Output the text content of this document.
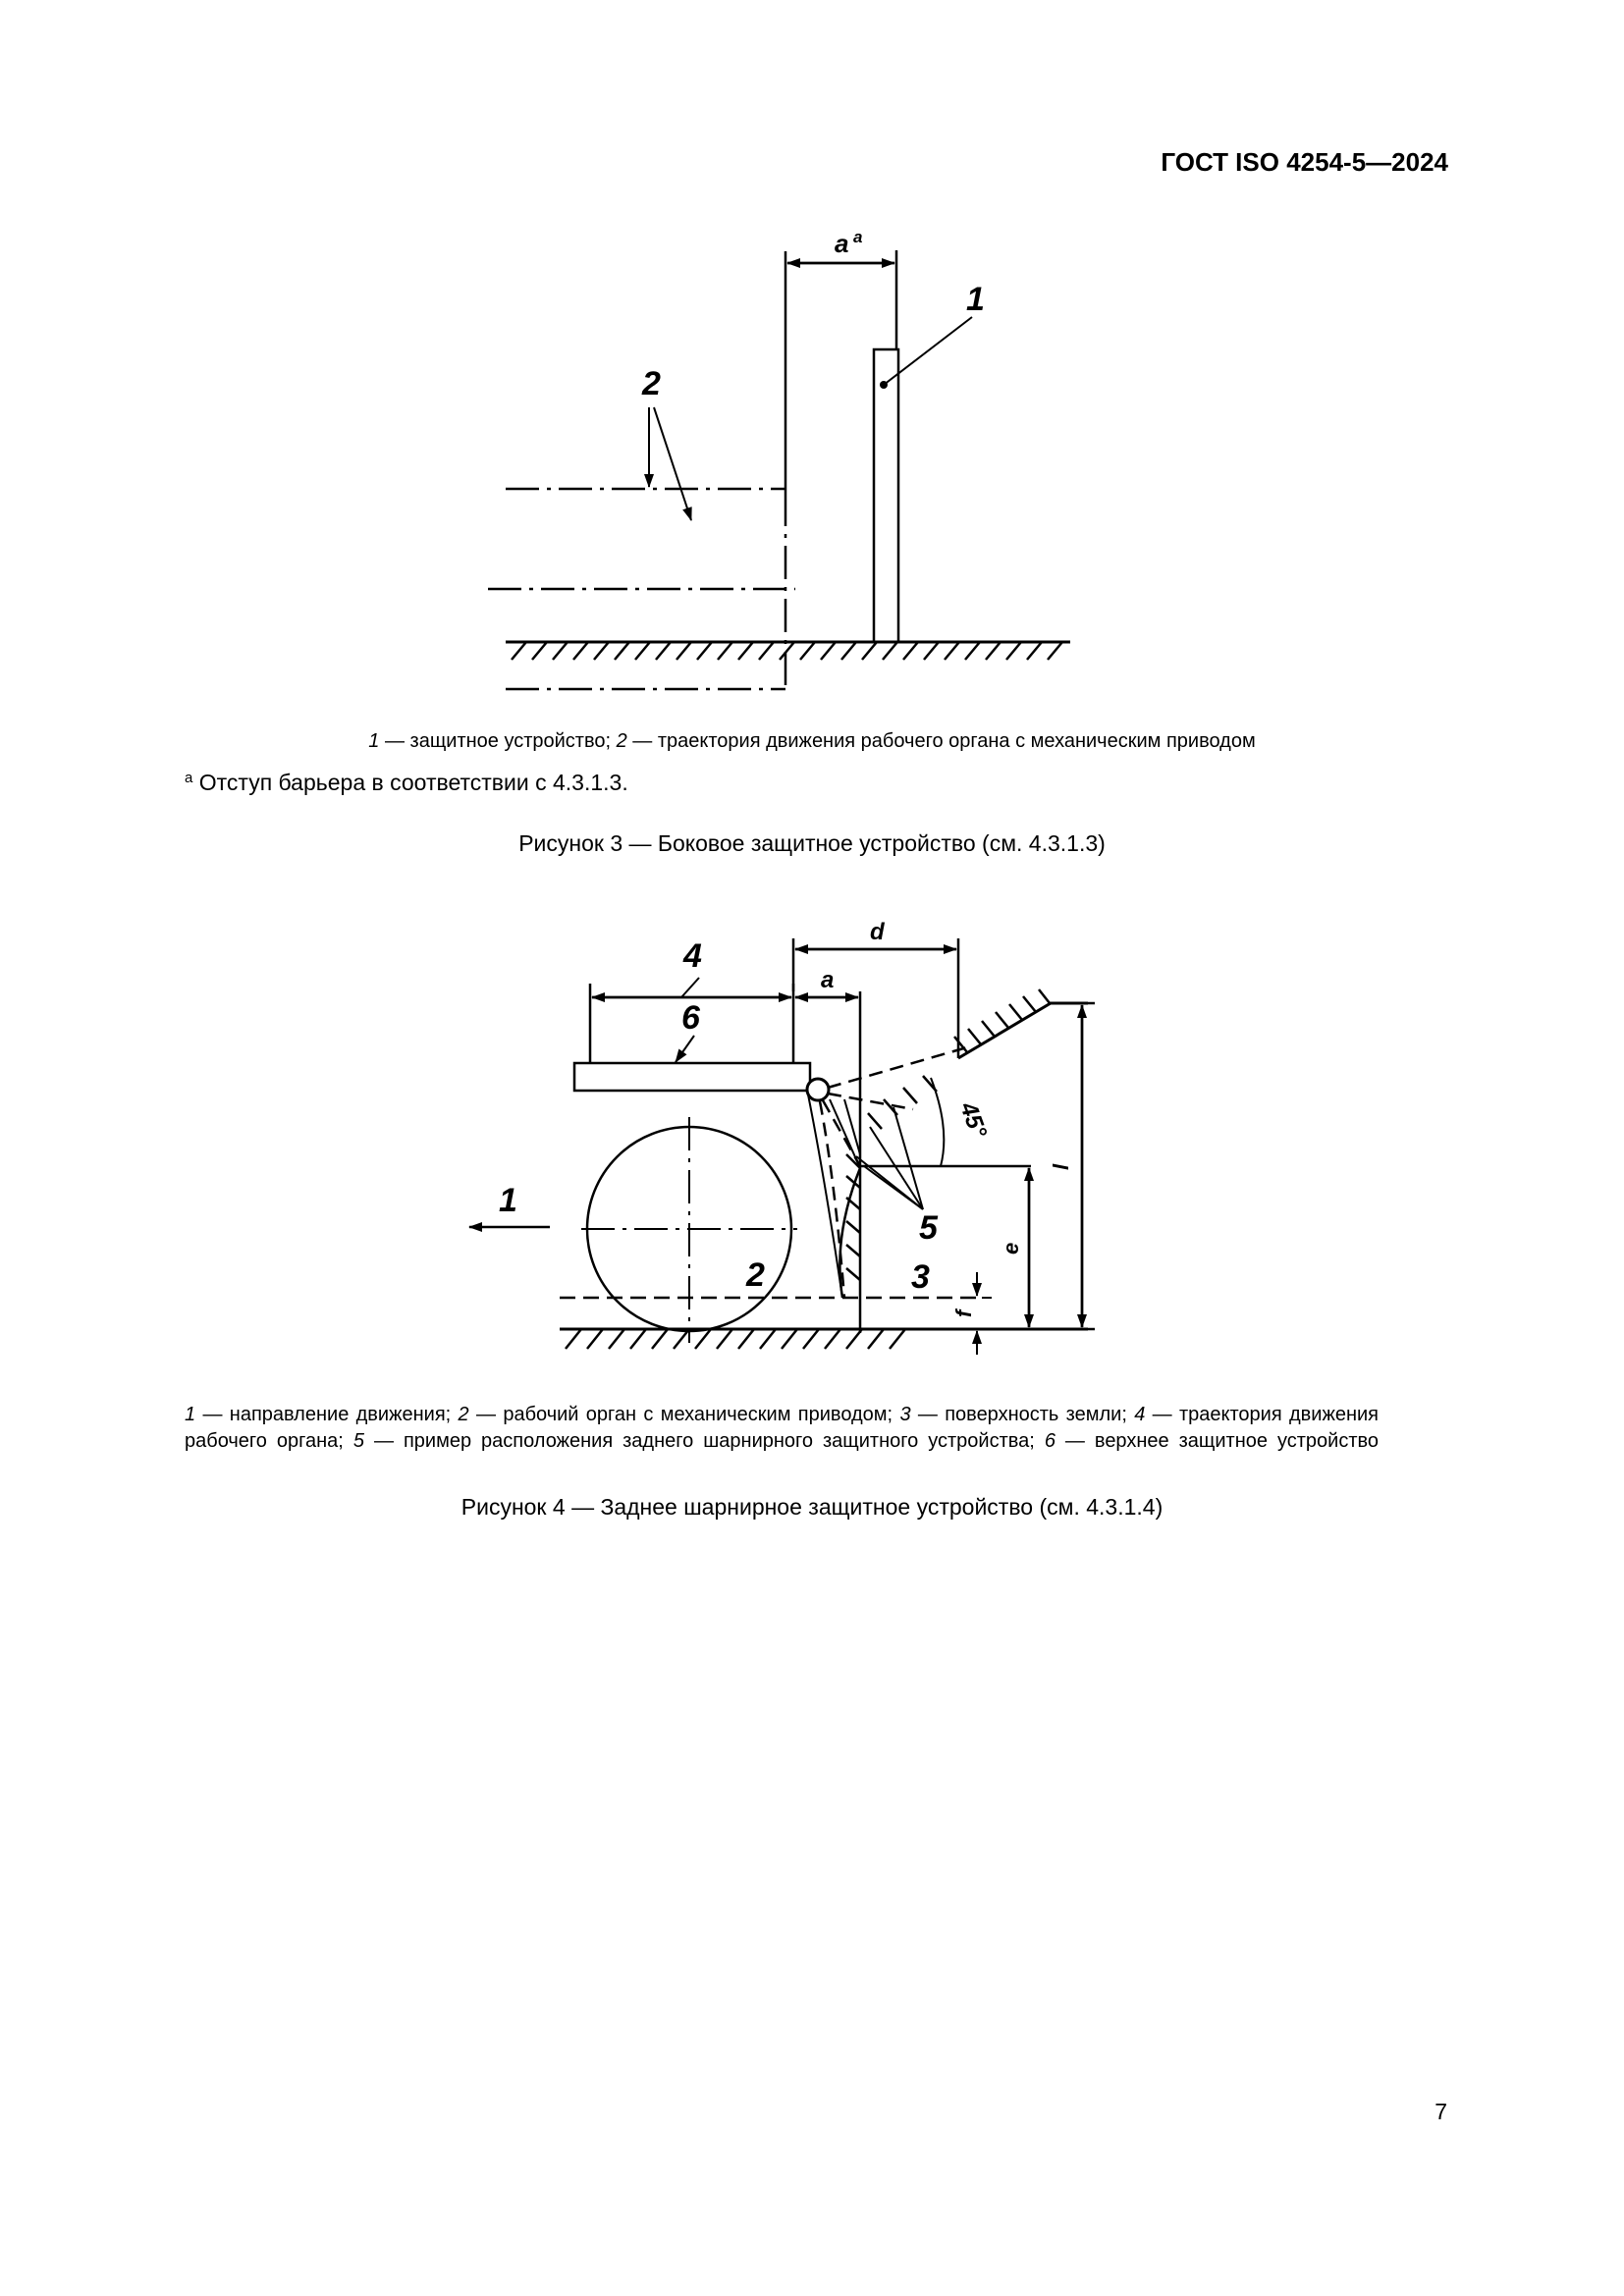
ГОСТ ISO 4254-5—2024
a a
1
2
1 — защитное устройство; 2 — траектория движения рабочего органа с механическим приводом
$^а$ Отступ барьера в соответствии с 4.3.1.3.
Рисунок 3 — Боковое защитное устройство (см. 4.3.1.3)
d
4
a
6
2
1
45°
5
3
f
e
l
1 — направление движения; 2 — рабочий орган с механическим приводом; 3 — поверхность земли; 4 — траектория движения рабочего органа; 5 — пример расположения заднего шарнирного защитного устройства; 6 — верхнее защитное устройство
Рисунок 4 — Заднее шарнирное защитное устройство (см. 4.3.1.4)
7
